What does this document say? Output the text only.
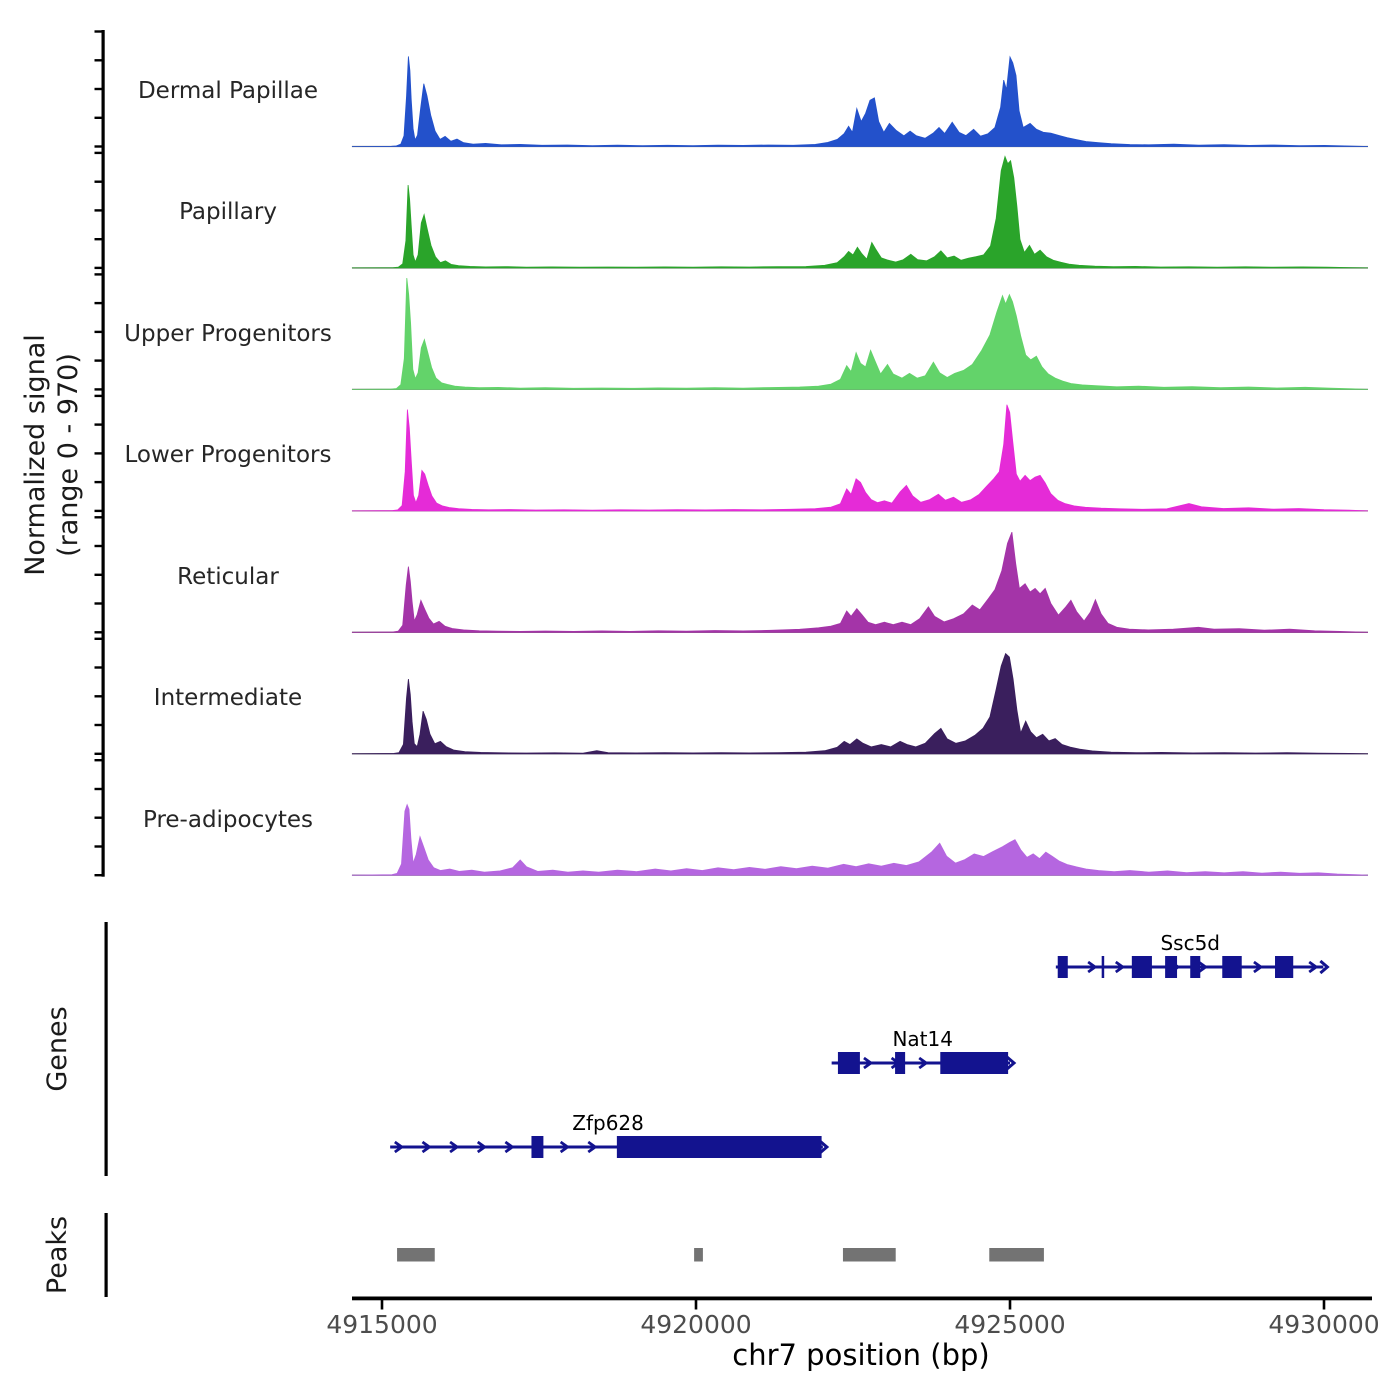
Ssc5d
Nat14
Zfp628
4915000	4920000	4925000	4930000
Normalized signal
(range 0 - 970)
Genes
Peaks
chr7 position (bp)
Dermal Papillae
Papillary
Upper Progenitors
Lower Progenitors
Reticular
Intermediate
Pre-adipocytes
